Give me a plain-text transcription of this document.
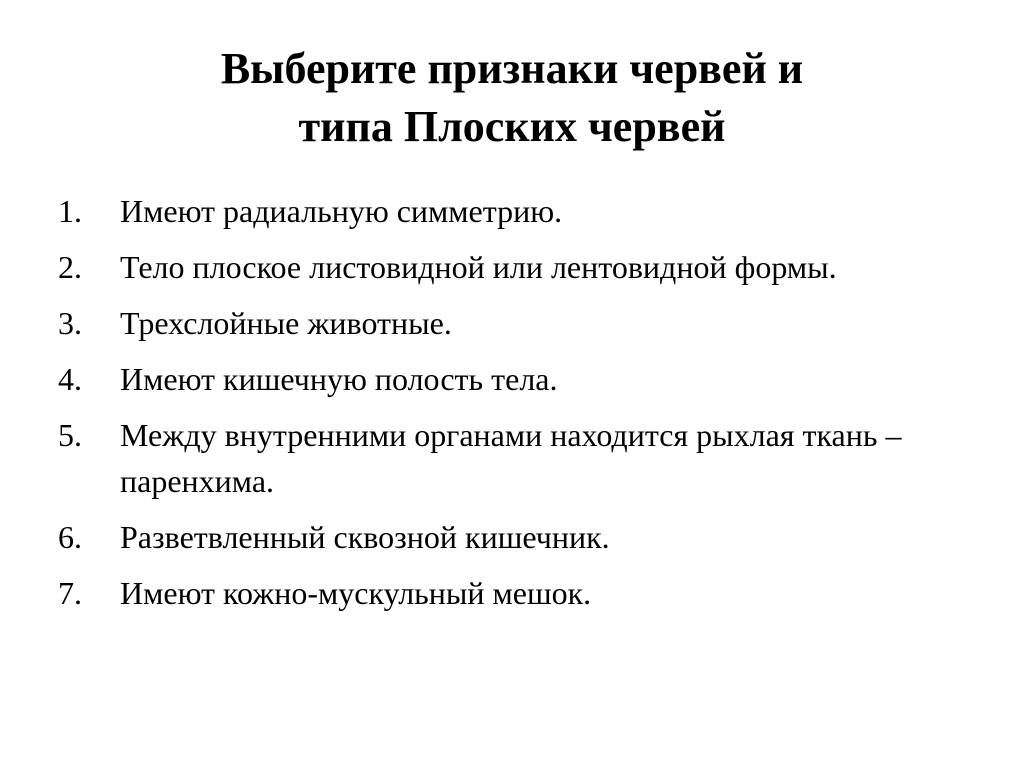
Выберите признаки червей и
типа Плоских червей
1.	Имеют радиальную симметрию.
2.	Тело плоское листовидной или лентовидной формы.
3.	Трехслойные животные.
4.	Имеют кишечную полость тела.
5.	Между внутренними органами находится рыхлая ткань – паренхима.
6.	Разветвленный сквозной кишечник.
7.	Имеют кожно-мускульный мешок.
